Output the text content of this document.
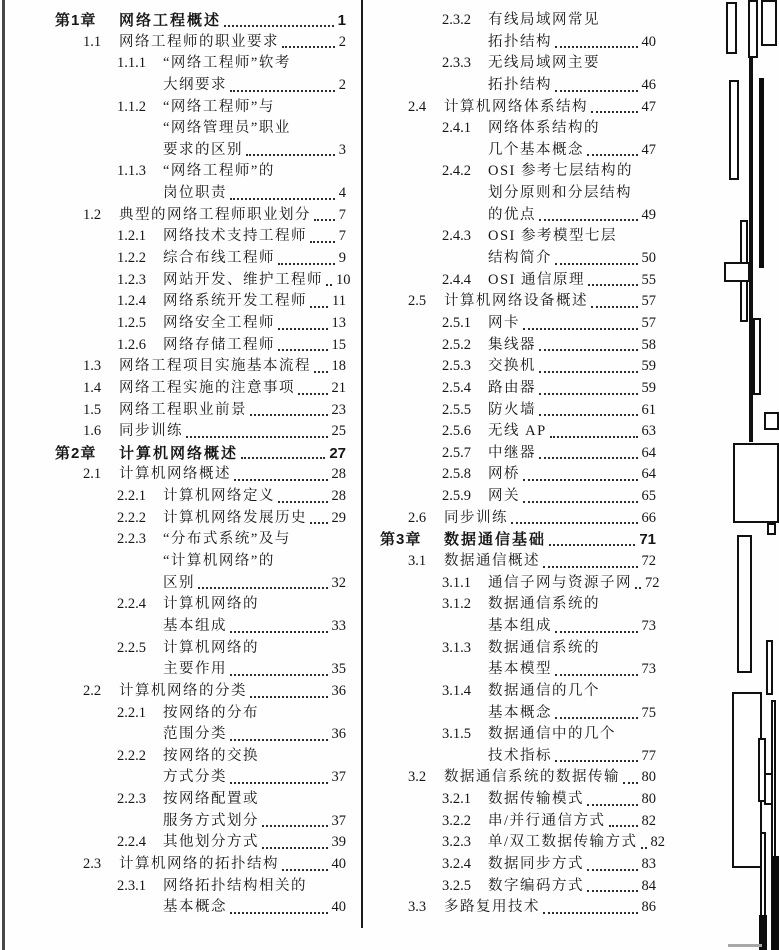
第1章	网络工程概述	1
1.1	网络工程师的职业要求	2
1.1.1	“网络工程师”软考
大纲要求	2
1.1.2	“网络工程师”与
“网络管理员”职业
要求的区别	3
1.1.3	“网络工程师”的
岗位职责	4
1.2	典型的网络工程师职业划分 7
1.2.1	网络技术支持工程师 7
1.2.2	综合布线工程师	9
1.2.3	网站开发、维护工程师 10
1.2.4	网络系统开发工程师 11
1.2.5	网络安全工程师	13
1.2.6	网络存储工程师	15
1.3	网络工程项目实施基本流程 18
1.4	网络工程实施的注意事项	21
1.5	网络工程职业前景	23
1.6	同步训练	25
第2章	计算机网络概述	27
2.1	计算机网络概述	28
2.2.1	计算机网络定义	28
2.2.2	计算机网络发展历史 29
2.2.3	“分布式系统”及与
“计算机网络”的
区别	32
2.2.4	计算机网络的
基本组成	33
2.2.5	计算机网络的
主要作用	35
2.2	计算机网络的分类	36
2.2.1	按网络的分布
范围分类	36
2.2.2	按网络的交换
方式分类	37
2.2.3	按网络配置或
服务方式划分	37
2.2.4	其他划分方式	39
2.3	计算机网络的拓扑结构	40
2.3.1	网络拓扑结构相关的
基本概念	40
2.3.2	有线局域网常见
拓扑结构	40
2.3.3	无线局域网主要
拓扑结构	46
2.4	计算机网络体系结构	47
2.4.1	网络体系结构的
几个基本概念	47
2.4.2	OSI 参考七层结构的
划分原则和分层结构
的优点	49
2.4.3	OSI 参考模型七层
结构简介	50
2.4.4	OSI 通信原理	55
2.5	计算机网络设备概述	57
2.5.1	网卡	57
2.5.2	集线器	58
2.5.3	交换机	59
2.5.4	路由器	59
2.5.5	防火墙	61
2.5.6	无线 AP	63
2.5.7	中继器	64
2.5.8	网桥	64
2.5.9	网关	65
2.6	同步训练	66
第3章	数据通信基础	71
3.1	数据通信概述	72
3.1.1	通信子网与资源子网 72
3.1.2	数据通信系统的
基本组成	73
3.1.3	数据通信系统的
基本模型	73
3.1.4	数据通信的几个
基本概念	75
3.1.5	数据通信中的几个
技术指标	77
3.2	数据通信系统的数据传输 80
3.2.1	数据传输模式	80
3.2.2	串/并行通信方式 82
3.2.3	单/双工数据传输方式 82
3.2.4	数据同步方式	83
3.2.5	数字编码方式	84
3.3	多路复用技术	86
